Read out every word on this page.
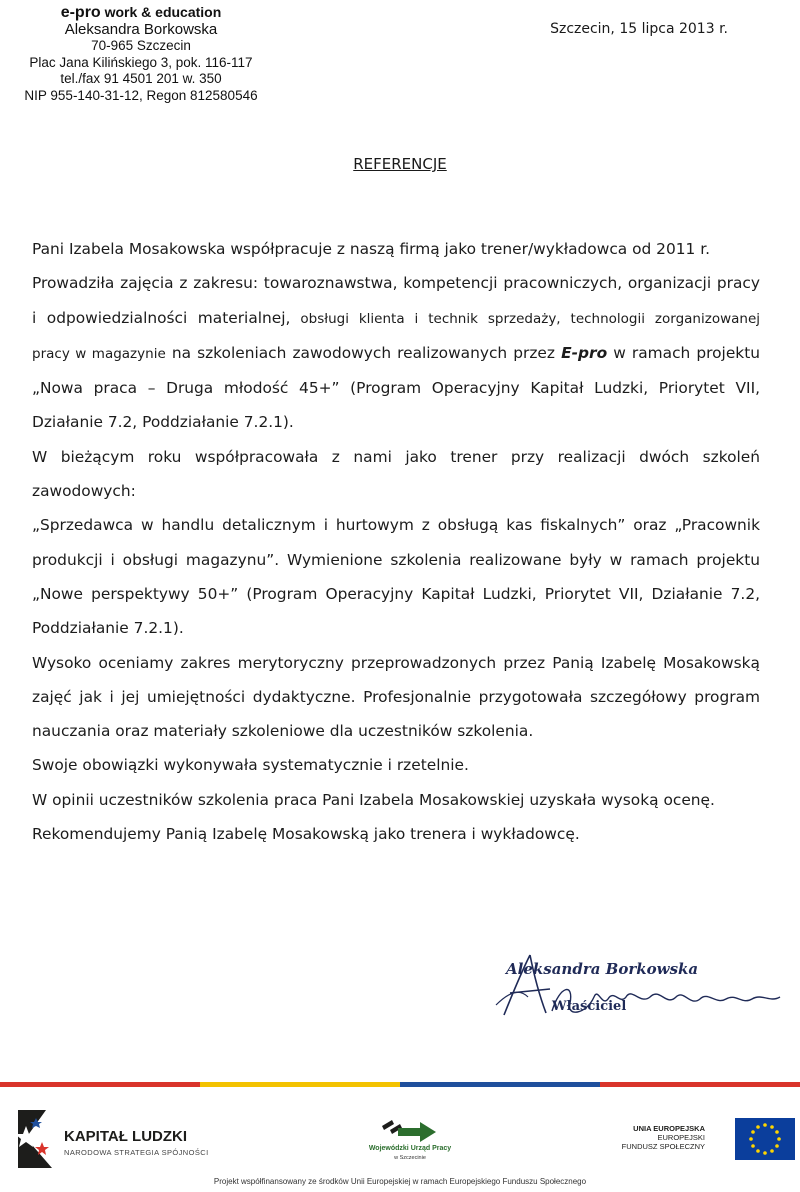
e-pro work & education
Aleksandra Borkowska
70-965 Szczecin
Plac Jana Kilińskiego 3, pok. 116-117
tel./fax 91 4501 201 w. 350
NIP 955-140-31-12, Regon 812580546
Szczecin, 15 lipca 2013 r.
REFERENCJE

Pani Izabela Mosakowska współpracuje z naszą firmą jako trener/wykładowca od 2011 r.

Prowadziła zajęcia z zakresu: towaroznawstwa, kompetencji pracowniczych, organizacji pracy

i odpowiedzialności materialnej, obsługi klienta i technik sprzedaży, technologii zorganizowanej

pracy w magazynie na szkoleniach zawodowych realizowanych przez E-pro w ramach projektu

„Nowa praca – Druga młodość 45+” (Program Operacyjny Kapitał Ludzki, Priorytet VII,

Działanie 7.2, Poddziałanie 7.2.1).

W bieżącym roku współpracowała z nami jako trener przy realizacji dwóch szkoleń

zawodowych:

„Sprzedawca w handlu detalicznym i hurtowym z obsługą kas fiskalnych” oraz „Pracownik

produkcji i obsługi magazynu”. Wymienione szkolenia realizowane były w ramach projektu

„Nowe perspektywy 50+” (Program Operacyjny Kapitał Ludzki, Priorytet VII, Działanie 7.2,

Poddziałanie 7.2.1).

Wysoko oceniamy zakres merytoryczny przeprowadzonych przez Panią Izabelę Mosakowską

zajęć jak i jej umiejętności dydaktyczne. Profesjonalnie przygotowała szczegółowy program

nauczania oraz materiały szkoleniowe dla uczestników szkolenia.

Swoje obowiązki wykonywała systematycznie i rzetelnie.

W opinii uczestników szkolenia praca Pani Izabela Mosakowskiej uzyskała wysoką ocenę.

Rekomendujemy Panią Izabelę Mosakowską jako trenera i wykładowcę.

Aleksandra Borkowska
Właściciel
KAPITAŁ LUDZKI
NARODOWA STRATEGIA SPÓJNOŚCI	Wojewódzki Urząd Pracy
w Szczecinie
UNIA EUROPEJSKA
EUROPEJSKI
FUNDUSZ SPOŁECZNY
Projekt współfinansowany ze środków Unii Europejskiej w ramach Europejskiego Funduszu Społecznego
